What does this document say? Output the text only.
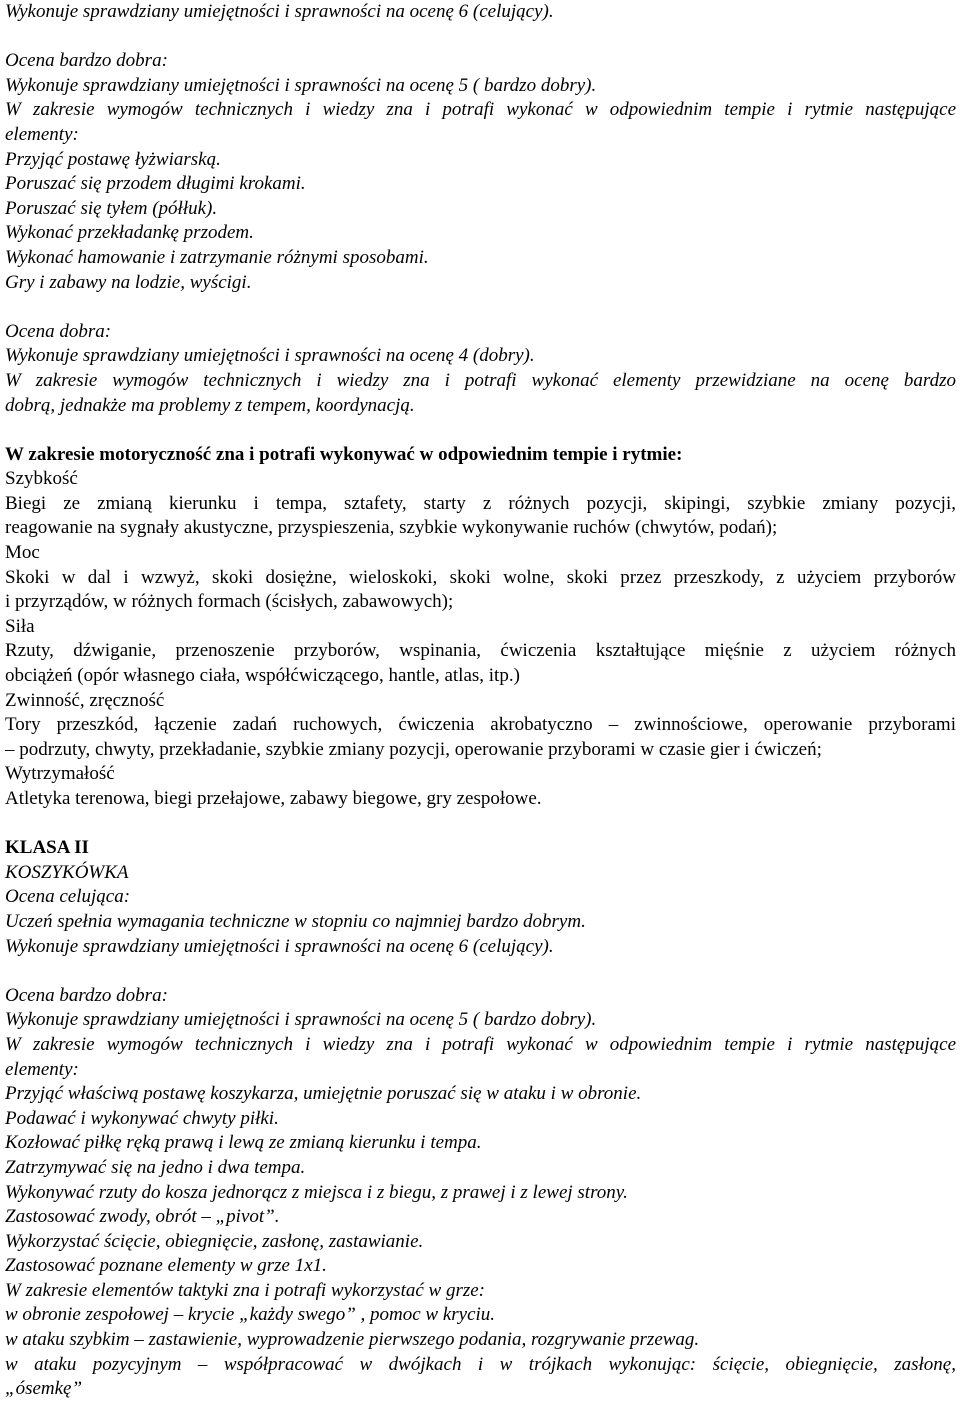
Wykonuje sprawdziany umiejętności i sprawności na ocenę 6 (celujący).
Ocena bardzo dobra:
Wykonuje sprawdziany umiejętności i sprawności na ocenę 5 ( bardzo dobry).
W zakresie wymogów technicznych i wiedzy zna i potrafi wykonać w odpowiednim tempie i rytmie następujące
elementy:
Przyjąć postawę łyżwiarską.
Poruszać się przodem długimi krokami.
Poruszać się tyłem (półłuk).
Wykonać przekładankę przodem.
Wykonać hamowanie i zatrzymanie różnymi sposobami.
Gry i zabawy na lodzie, wyścigi.
Ocena dobra:
Wykonuje sprawdziany umiejętności i sprawności na ocenę 4 (dobry).
W zakresie wymogów technicznych i wiedzy zna i potrafi wykonać elementy przewidziane na ocenę bardzo
dobrą, jednakże ma problemy z tempem, koordynacją.
W zakresie motoryczność zna i potrafi wykonywać w odpowiednim tempie i rytmie:
Szybkość
Biegi ze zmianą kierunku i tempa, sztafety, starty z różnych pozycji, skipingi, szybkie zmiany pozycji,
reagowanie na sygnały akustyczne, przyspieszenia, szybkie wykonywanie ruchów (chwytów, podań);
Moc
Skoki w dal i wzwyż, skoki dosiężne, wieloskoki, skoki wolne, skoki przez przeszkody, z użyciem przyborów
i przyrządów, w różnych formach (ścisłych, zabawowych);
Siła
Rzuty, dźwiganie, przenoszenie przyborów, wspinania, ćwiczenia kształtujące mięśnie z użyciem różnych
obciążeń (opór własnego ciała, współćwiczącego, hantle, atlas, itp.)
Zwinność, zręczność
Tory przeszkód, łączenie zadań ruchowych, ćwiczenia akrobatyczno – zwinnościowe, operowanie przyborami
– podrzuty, chwyty, przekładanie, szybkie zmiany pozycji, operowanie przyborami w czasie gier i ćwiczeń;
Wytrzymałość
Atletyka terenowa, biegi przełajowe, zabawy biegowe, gry zespołowe.
KLASA II
KOSZYKÓWKA
Ocena celująca:
Uczeń spełnia wymagania techniczne w stopniu co najmniej bardzo dobrym.
Wykonuje sprawdziany umiejętności i sprawności na ocenę 6 (celujący).
Ocena bardzo dobra:
Wykonuje sprawdziany umiejętności i sprawności na ocenę 5 ( bardzo dobry).
W zakresie wymogów technicznych i wiedzy zna i potrafi wykonać w odpowiednim tempie i rytmie następujące
elementy:
Przyjąć właściwą postawę koszykarza, umiejętnie poruszać się w ataku i w obronie.
Podawać i wykonywać chwyty piłki.
Kozłować piłkę ręką prawą i lewą ze zmianą kierunku i tempa.
Zatrzymywać się na jedno i dwa tempa.
Wykonywać rzuty do kosza jednorącz z miejsca i z biegu, z prawej i z lewej strony.
Zastosować zwody, obrót – „pivot”.
Wykorzystać ścięcie, obiegnięcie, zasłonę, zastawianie.
Zastosować poznane elementy w grze 1x1.
W zakresie elementów taktyki zna i potrafi wykorzystać w grze:
w obronie zespołowej – krycie „każdy swego” , pomoc w kryciu.
w ataku szybkim – zastawienie, wyprowadzenie pierwszego podania, rozgrywanie przewag.
w ataku pozycyjnym – współpracować w dwójkach i w trójkach wykonując: ścięcie, obiegnięcie, zasłonę,
„ósemkę”
